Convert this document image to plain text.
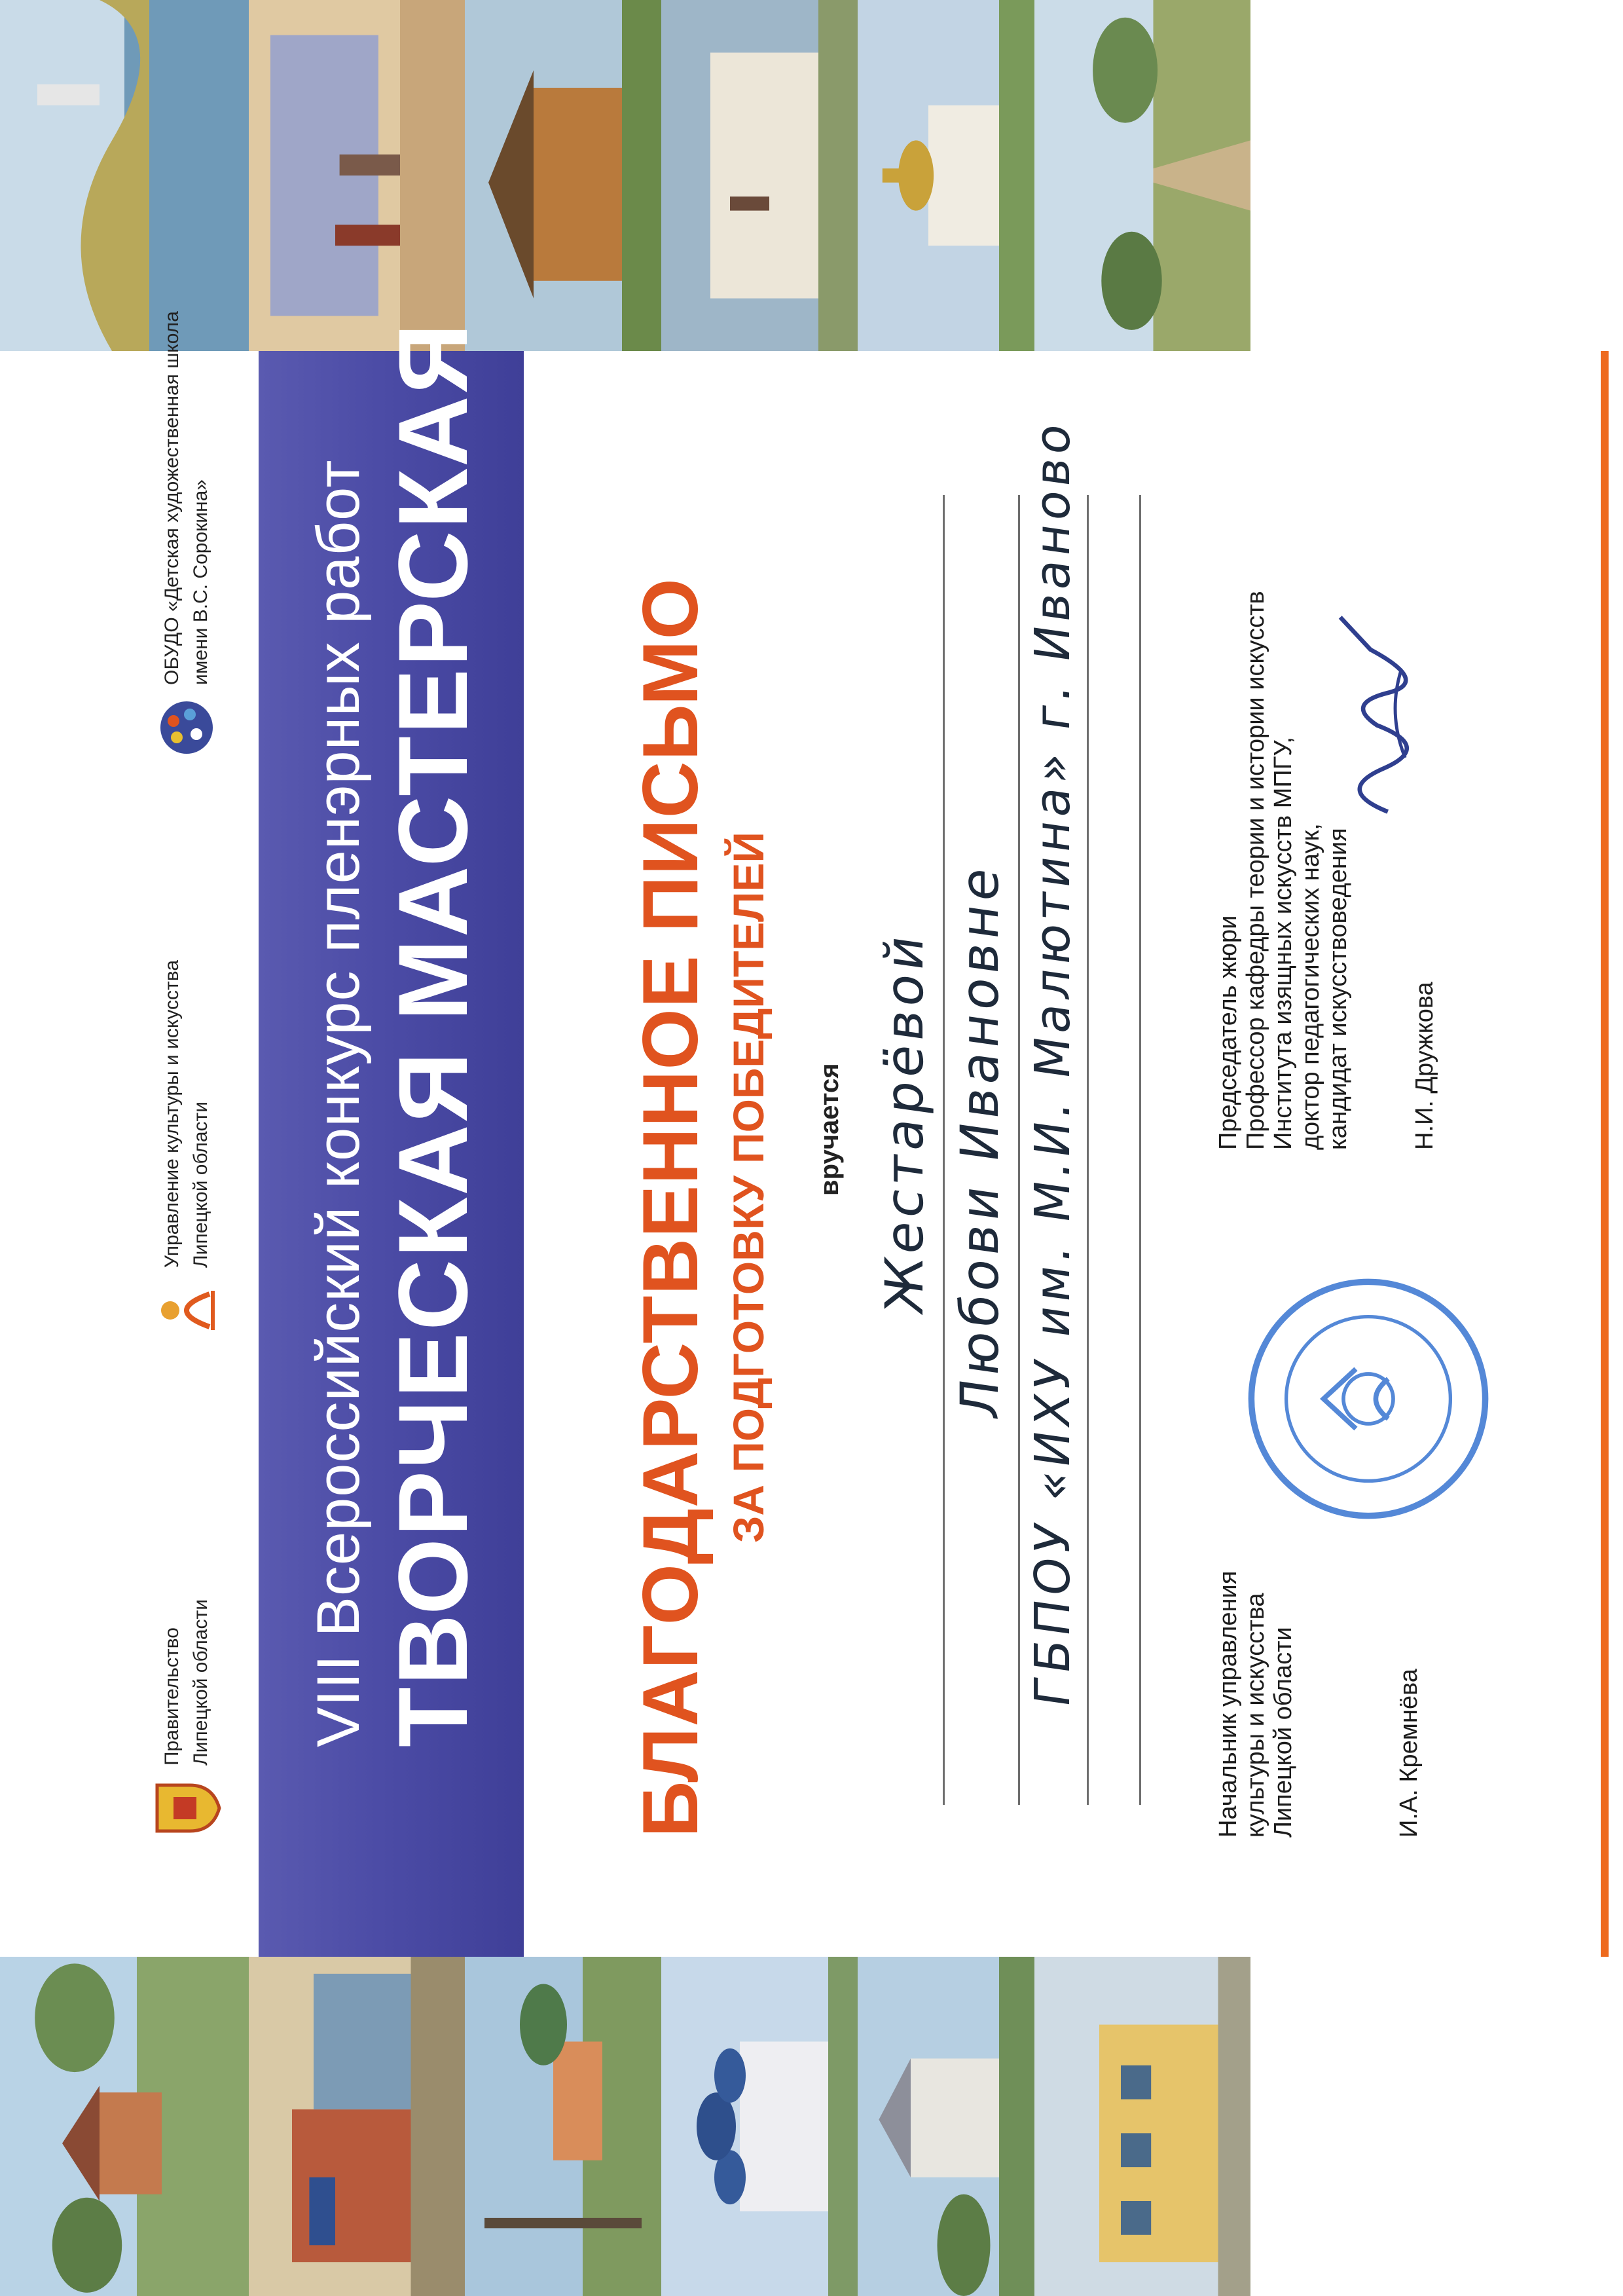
Правительство Липецкой области
Управление культуры и искусства Липецкой области
ОБУДО «Детская художественная школа имени В.С. Сорокина» VIII Всероссийский конкурс пленэрных работ ТВОРЧЕСКАЯ МАСТЕРСКАЯ БЛАГОДАРСТВЕННОЕ ПИСЬМО ЗА ПОДГОТОВКУ ПОБЕДИТЕЛЕЙ вручается Жестарёвой Любови Ивановне ГБПОУ «ИХУ им. М.И. Малютина» г. Иваново	Начальник управления культуры и искусства Липецкой области	И.А. Кремнёва
Председатель жюри Профессор кафедры теории и истории искусств Института изящных искусств МПГУ, доктор педагогических наук, кандидат искусствоведения Н.И. Дружкова
